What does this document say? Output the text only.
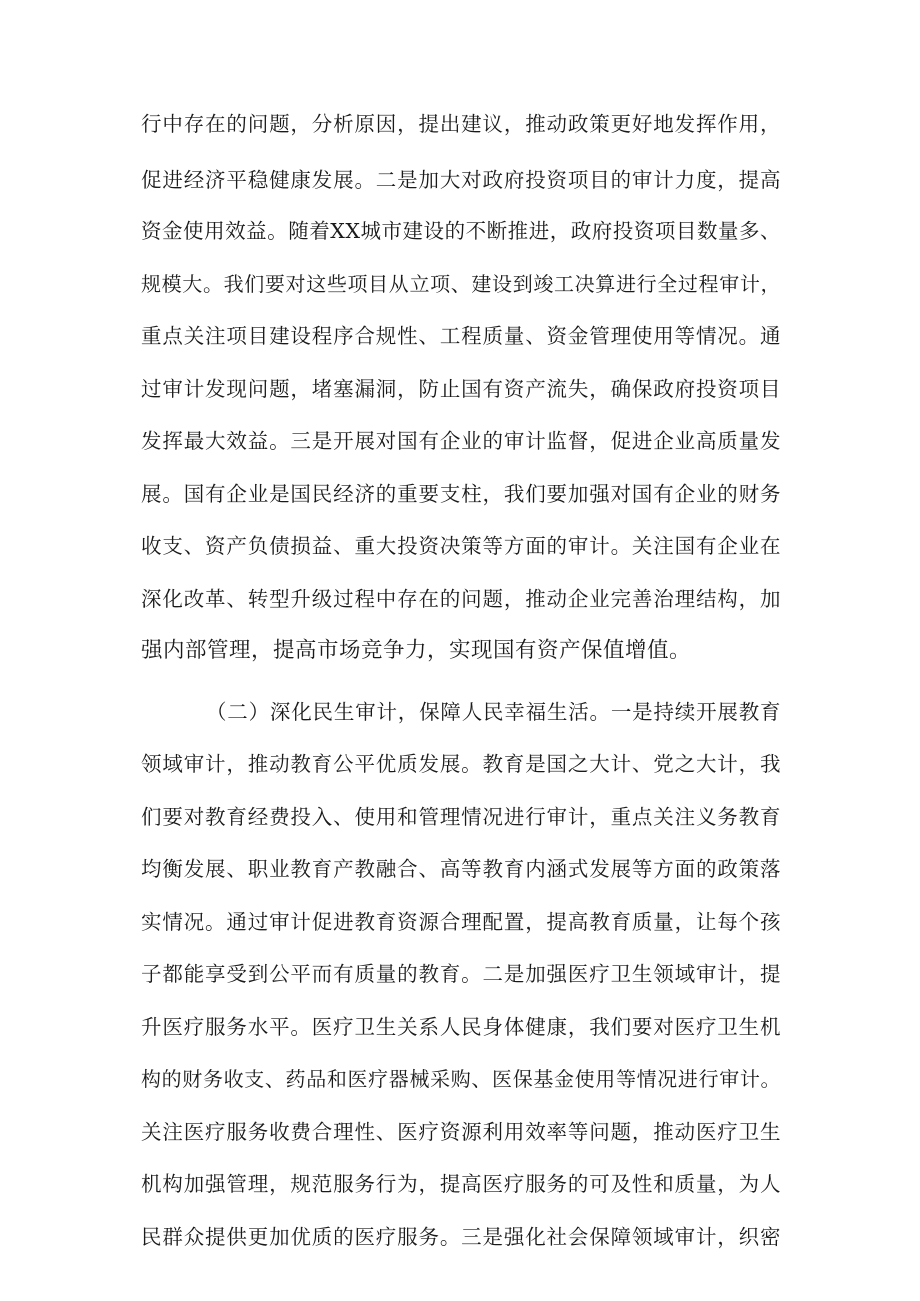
行中存在的问题，分析原因，提出建议，推动政策更好地发挥作用，
促进经济平稳健康发展。二是加大对政府投资项目的审计力度，提高
资金使用效益。随着XX城市建设的不断推进，政府投资项目数量多、
规模大。我们要对这些项目从立项、建设到竣工决算进行全过程审计，
重点关注项目建设程序合规性、工程质量、资金管理使用等情况。通
过审计发现问题，堵塞漏洞，防止国有资产流失，确保政府投资项目
发挥最大效益。三是开展对国有企业的审计监督，促进企业高质量发
展。国有企业是国民经济的重要支柱，我们要加强对国有企业的财务
收支、资产负债损益、重大投资决策等方面的审计。关注国有企业在
深化改革、转型升级过程中存在的问题，推动企业完善治理结构，加
强内部管理，提高市场竞争力，实现国有资产保值增值。
（二）深化民生审计，保障人民幸福生活。一是持续开展教育
领域审计，推动教育公平优质发展。教育是国之大计、党之大计，我
们要对教育经费投入、使用和管理情况进行审计，重点关注义务教育
均衡发展、职业教育产教融合、高等教育内涵式发展等方面的政策落
实情况。通过审计促进教育资源合理配置，提高教育质量，让每个孩
子都能享受到公平而有质量的教育。二是加强医疗卫生领域审计，提
升医疗服务水平。医疗卫生关系人民身体健康，我们要对医疗卫生机
构的财务收支、药品和医疗器械采购、医保基金使用等情况进行审计。
关注医疗服务收费合理性、医疗资源利用效率等问题，推动医疗卫生
机构加强管理，规范服务行为，提高医疗服务的可及性和质量，为人
民群众提供更加优质的医疗服务。三是强化社会保障领域审计，织密
